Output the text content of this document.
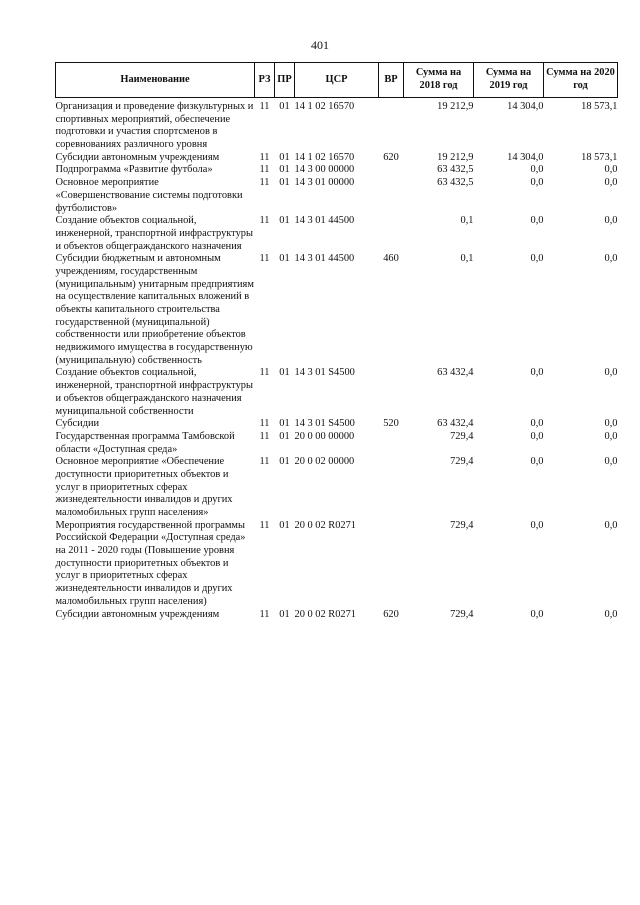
401
Наименование	РЗ	ПР	ЦСР	ВР	Сумма на 2018 год	Сумма на 2019 год	Сумма на 2020 год
Организация и проведение физкультурных и спортивных мероприятий, обеспечение подготовки и участия спортсменов в соревнованиях различного уровня	11	01	14 1 02 16570		19 212,9	14 304,0	18 573,1
Субсидии автономным учреждениям	11	01	14 1 02 16570	620	19 212,9	14 304,0	18 573,1
Подпрограмма «Развитие футбола»	11	01	14 3 00 00000		63 432,5	0,0	0,0
Основное мероприятие «Совершенствование системы подготовки футболистов»	11	01	14 3 01 00000		63 432,5	0,0	0,0
Создание объектов социальной, инженерной, транспортной инфраструктуры и объектов общегражданского назначения	11	01	14 3 01 44500		0,1	0,0	0,0
Субсидии бюджетным и автономным учреждениям, государственным (муниципальным) унитарным предприятиям на осуществление капитальных вложений в объекты капитального строительства государственной (муниципальной) собственности или приобретение объектов недвижимого имущества в государственную (муниципальную) собственность	11	01	14 3 01 44500	460	0,1	0,0	0,0
Создание объектов социальной, инженерной, транспортной инфраструктуры и объектов общегражданского назначения муниципальной собственности	11	01	14 3 01 S4500		63 432,4	0,0	0,0
Субсидии	11	01	14 3 01 S4500	520	63 432,4	0,0	0,0
Государственная программа Тамбовской области «Доступная среда»	11	01	20 0 00 00000		729,4	0,0	0,0
Основное мероприятие «Обеспечение доступности приоритетных объектов и услуг в приоритетных сферах жизнедеятельности инвалидов и других маломобильных групп населения»	11	01	20 0 02 00000		729,4	0,0	0,0
Мероприятия государственной программы Российской Федерации «Доступная среда» на 2011 - 2020 годы (Повышение уровня доступности приоритетных объектов и услуг в приоритетных сферах жизнедеятельности инвалидов и других маломобильных групп населения)	11	01	20 0 02 R0271		729,4	0,0	0,0
Субсидии автономным учреждениям	11	01	20 0 02 R0271	620	729,4	0,0	0,0
